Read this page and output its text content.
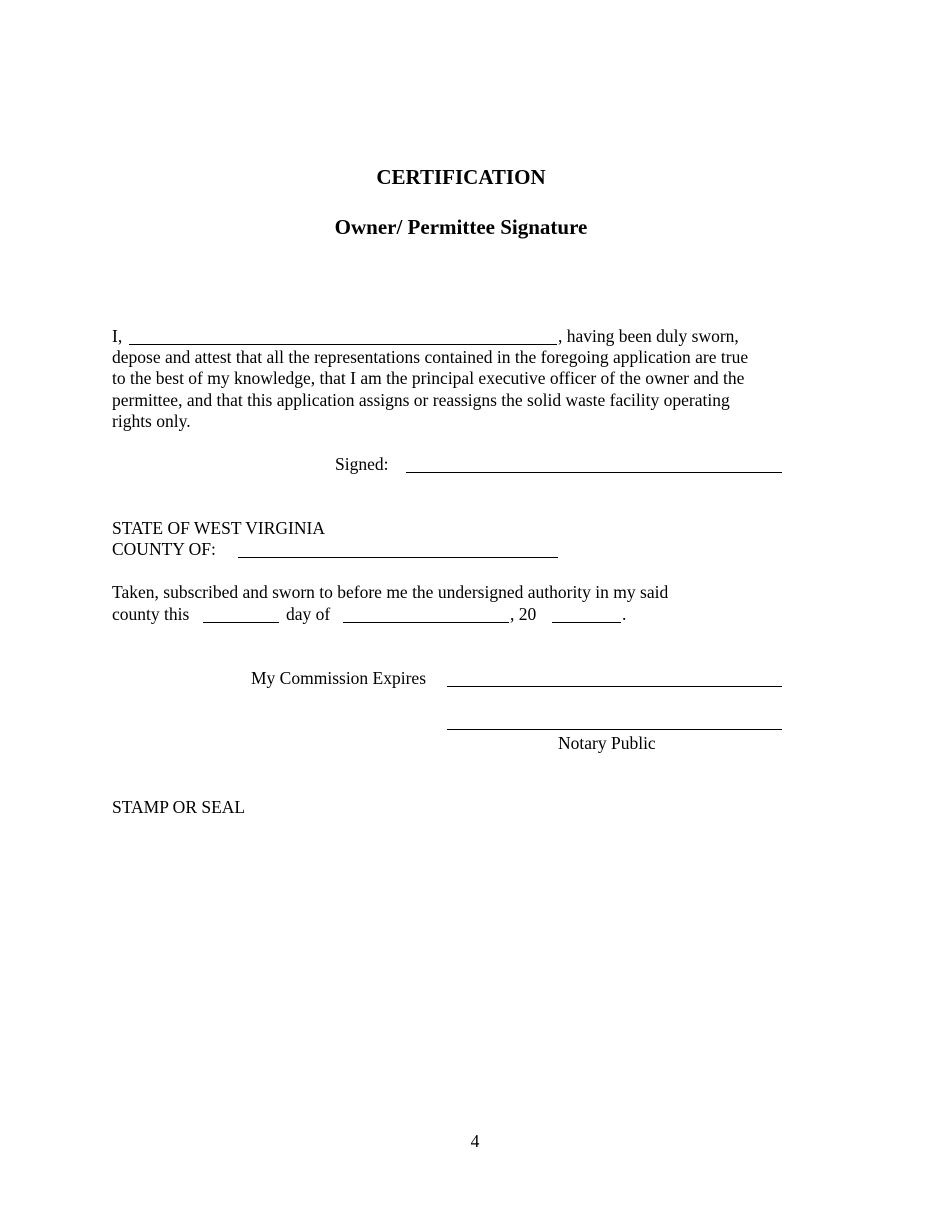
CERTIFICATION
Owner/ Permittee Signature
I,	, having been duly sworn,
depose and attest that all the representations contained in the foregoing application are true
to the best of my knowledge, that I am the principal executive officer of the owner and the
permittee, and that this application assigns or reassigns the solid waste facility operating
rights only.
Signed:
STATE OF WEST VIRGINIA
COUNTY OF:
Taken, subscribed and sworn to before me the undersigned authority in my said
county this	day of	, 20	.
My Commission Expires
Notary Public
STAMP OR SEAL
4
